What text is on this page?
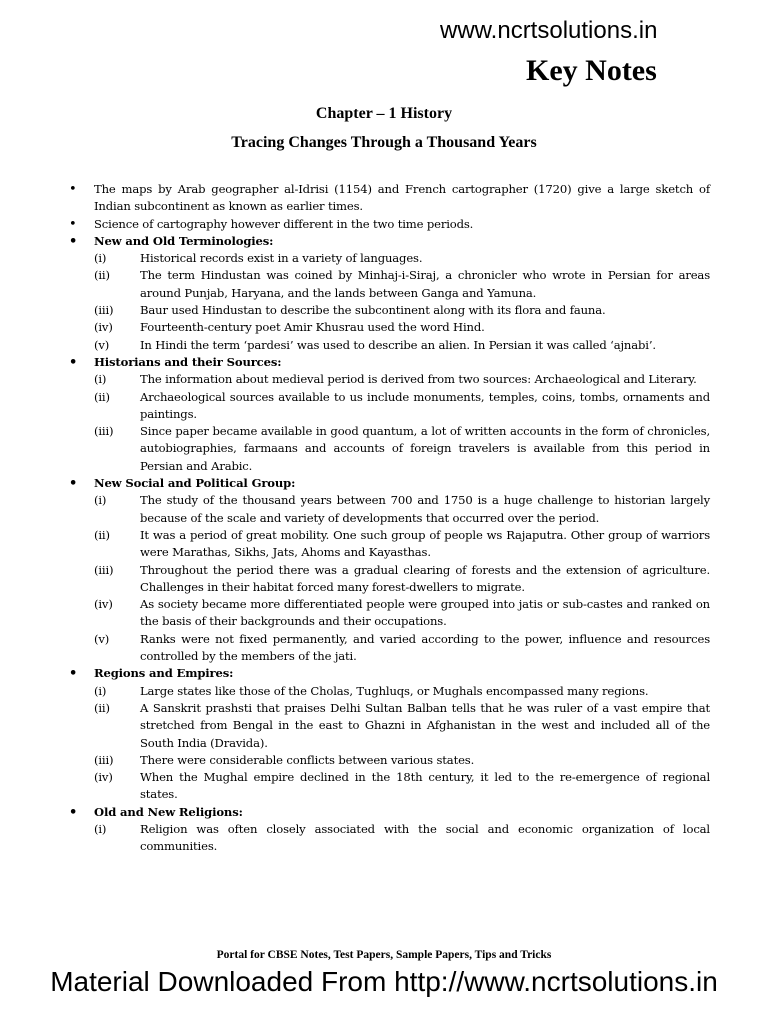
www.ncrtsolutions.in
Key Notes
Chapter – 1 History
Tracing Changes Through a Thousand Years
• The maps by Arab geographer al-Idrisi (1154) and French cartographer (1720) give a large sketch of Indian subcontinent as known as earlier times.
• Science of cartography however different in the two time periods.
• New and Old Terminologies:
(i)	Historical records exist in a variety of languages.
(ii)	The term Hindustan was coined by Minhaj-i-Siraj, a chronicler who wrote in Persian for areas around Punjab, Haryana, and the lands between Ganga and Yamuna.
(iii) Baur used Hindustan to describe the subcontinent along with its flora and fauna.
(iv) Fourteenth-century poet Amir Khusrau used the word Hind.
(v)	In Hindi the term ‘pardesi’ was used to describe an alien. In Persian it was called ‘ajnabi’.
• Historians and their Sources:
(i)	The information about medieval period is derived from two sources: Archaeological and Literary.
(ii)	Archaeological sources available to us include monuments, temples, coins, tombs, ornaments and paintings.
(iii) Since paper became available in good quantum, a lot of written accounts in the form of chronicles, autobiographies, farmaans and accounts of foreign travelers is available from this period in Persian and Arabic.
• New Social and Political Group:
(i)	The study of the thousand years between 700 and 1750 is a huge challenge to historian largely because of the scale and variety of developments that occurred over the period.
(ii)	It was a period of great mobility. One such group of people ws Rajaputra. Other group of warriors were Marathas, Sikhs, Jats, Ahoms and Kayasthas.
(iii) Throughout the period there was a gradual clearing of forests and the extension of agriculture. Challenges in their habitat forced many forest-dwellers to migrate.
(iv) As society became more differentiated people were grouped into jatis or sub-castes and ranked on the basis of their backgrounds and their occupations.
(v)	Ranks were not fixed permanently, and varied according to the power, influence and resources controlled by the members of the jati.
• Regions and Empires:
(i)	Large states like those of the Cholas, Tughluqs, or Mughals encompassed many regions.
(ii)	A Sanskrit prashsti that praises Delhi Sultan Balban tells that he was ruler of a vast empire that stretched from Bengal in the east to Ghazni in Afghanistan in the west and included all of the South India (Dravida).
(iii) There were considerable conflicts between various states.
(iv) When the Mughal empire declined in the 18th century, it led to the re-emergence of regional states.
• Old and New Religions:
(i)	Religion was often closely associated with the social and economic organization of local communities.
Portal for CBSE Notes, Test Papers, Sample Papers, Tips and Tricks
Material Downloaded From http://www.ncrtsolutions.in
